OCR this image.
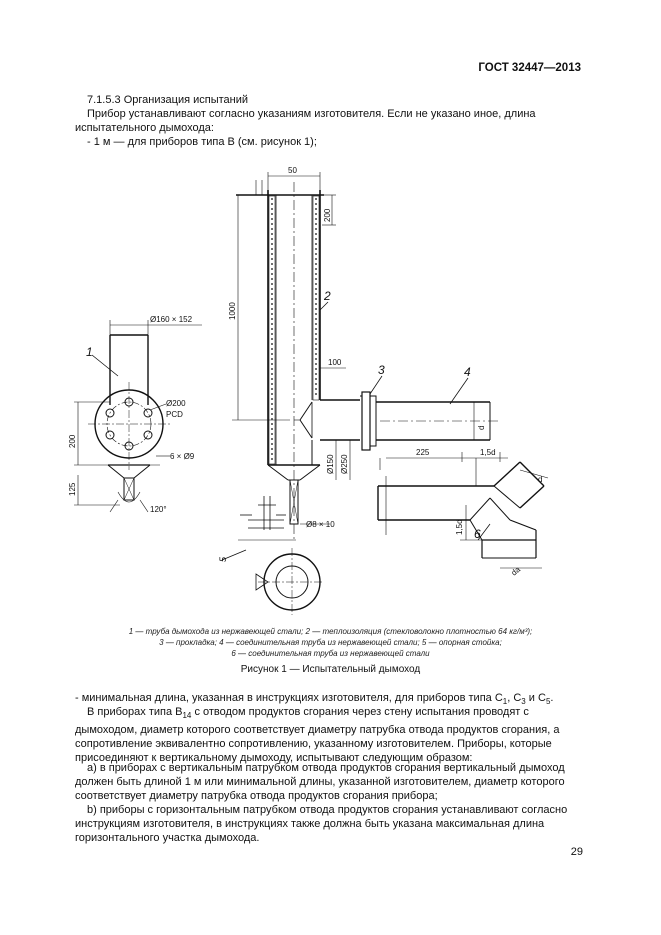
ГОСТ 32447—2013
7.1.5.3 Организация испытаний
Прибор устанавливают согласно указаниям изготовителя. Если не указано иное, длина испытательного дымохода:
- 1 м — для приборов типа B (см. рисунок 1);
50
200
1000
100
Ø160 × 152
Ø200
PCD
200
6 × Ø9
125
120°
Ø150 Ø250
Ø8 × 10
225	1,5d
1,5d
d
d
da
5
1
2
3	4
6
1 — труба дымохода из нержавеющей стали; 2 — теплоизоляция (стекловолокно плотностью 64 кг/м³);
3 — прокладка; 4 — соединительная труба из нержавеющей стали; 5 — опорная стойка;
6 — соединительная труба из нержавеющей стали
Рисунок 1 — Испытательный дымоход
- минимальная длина, указанная в инструкциях изготовителя, для приборов типа $C_1$, $C_3$ и $C_5$.
В приборах типа $B_{14}$ с отводом продуктов сгорания через стену испытания проводят с дымоходом, диаметр которого соответствует диаметру патрубка отвода продуктов сгорания, а сопротивление эквивалентно сопротивлению, указанному изготовителем. Приборы, которые присоединяют к вертикальному дымоходу, испытывают следующим образом:
a) в приборах с вертикальным патрубком отвода продуктов сгорания вертикальный дымоход должен быть длиной 1 м или минимальной длины, указанной изготовителем, диаметр которого соответствует диаметру патрубка отвода продуктов сгорания прибора;
b) приборы с горизонтальным патрубком отвода продуктов сгорания устанавливают согласно инструкциям изготовителя, в инструкциях также должна быть указана максимальная длина горизонтального участка дымохода.
29
